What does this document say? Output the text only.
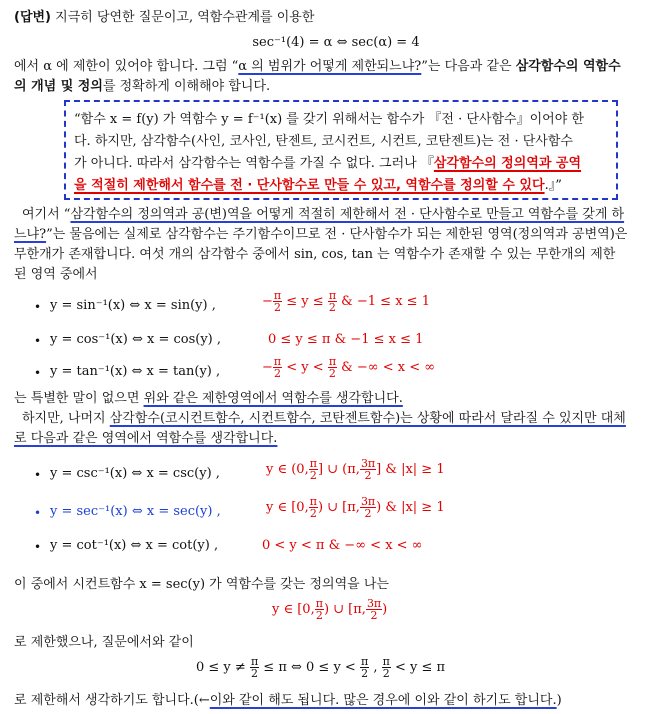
(답변) 지극히 당연한 질문이고, 역함수관계를 이용한
sec⁻¹(4) = α ⇔ sec(α) = 4
에서 α 에 제한이 있어야 합니다. 그럼 “α 의 범위가 어떻게 제한되느냐?”는 다음과 같은 삼각함수의 역함수
의 개념 및 정의를 정확하게 이해해야 합니다.
“함수 x = f(y) 가 역함수 y = f⁻¹(x) 를 갖기 위해서는 함수가 『전 · 단사함수』이어야 한
다. 하지만, 삼각함수(사인, 코사인, 탄젠트, 코시컨트, 시컨트, 코탄젠트)는 전 · 단사함수
가 아니다. 따라서 삼각함수는 역함수를 가질 수 없다. 그러나 『삼각함수의 정의역과 공역
을 적절히 제한해서 함수를 전 · 단사함수로 만들 수 있고, 역함수를 정의할 수 있다.』”
여기서 “삼각함수의 정의역과 공(변)역을 어떻게 적절히 제한해서 전 · 단사함수로 만들고 역함수를 갖게 하
느냐?”는 물음에는 실제로 삼각함수는 주기함수이므로 전 · 단사함수가 되는 제한된 영역(정의역과 공변역)은
무한개가 존재합니다. 여섯 개의 삼각함수 중에서 sin, cos, tan 는 역함수가 존재할 수 있는 무한개의 제한
된 영역 중에서
• y = sin⁻¹(x) ⇔ x = sin(y) ,	− $\frac{\pi}{2} \le y \le \frac{\pi}{2}$ & −1 ≤ x ≤ 1
• y = cos⁻¹(x) ⇔ x = cos(y) ,	0 ≤ y ≤ π & −1 ≤ x ≤ 1
• y = tan⁻¹(x) ⇔ x = tan(y) ,	− $\frac{\pi}{2} < y < \frac{\pi}{2}$ & −∞ < x < ∞
는 특별한 말이 없으면 위와 같은 제한영역에서 역함수를 생각합니다.
하지만, 나머지 삼각함수(코시컨트함수, 시컨트함수, 코탄젠트함수)는 상황에 따라서 달라질 수 있지만 대체
로 다음과 같은 영역에서 역함수를 생각합니다.
• y = csc⁻¹(x) ⇔ x = csc(y) ,	y ∈ (0, $\frac{\pi}{2}$ ] ∪ (π, $\frac{3\pi}{2}$ ] & |x| ≥ 1
• y = sec⁻¹(x) ⇔ x = sec(y) ,	y ∈ [0, $\frac{\pi}{2}$ ) ∪ [π, $\frac{3\pi}{2}$ ) & |x| ≥ 1
• y = cot⁻¹(x) ⇔ x = cot(y) ,	0 < y < π & −∞ < x < ∞
이 중에서 시컨트함수 x = sec(y) 가 역함수를 갖는 정의역을 나는
y ∈ [0, $\frac{\pi}{2}$ ) ∪ [π, $\frac{3\pi}{2}$ )
로 제한했으나, 질문에서와 같이
$0 \le y \ne \frac{\pi}{2} \le \pi$ ⇔ $0 \le y < \frac{\pi}{2}$ , $\frac{\pi}{2} < y \le \pi$
로 제한해서 생각하기도 합니다.(←이와 같이 해도 됩니다. 많은 경우에 이와 같이 하기도 합니다.)
